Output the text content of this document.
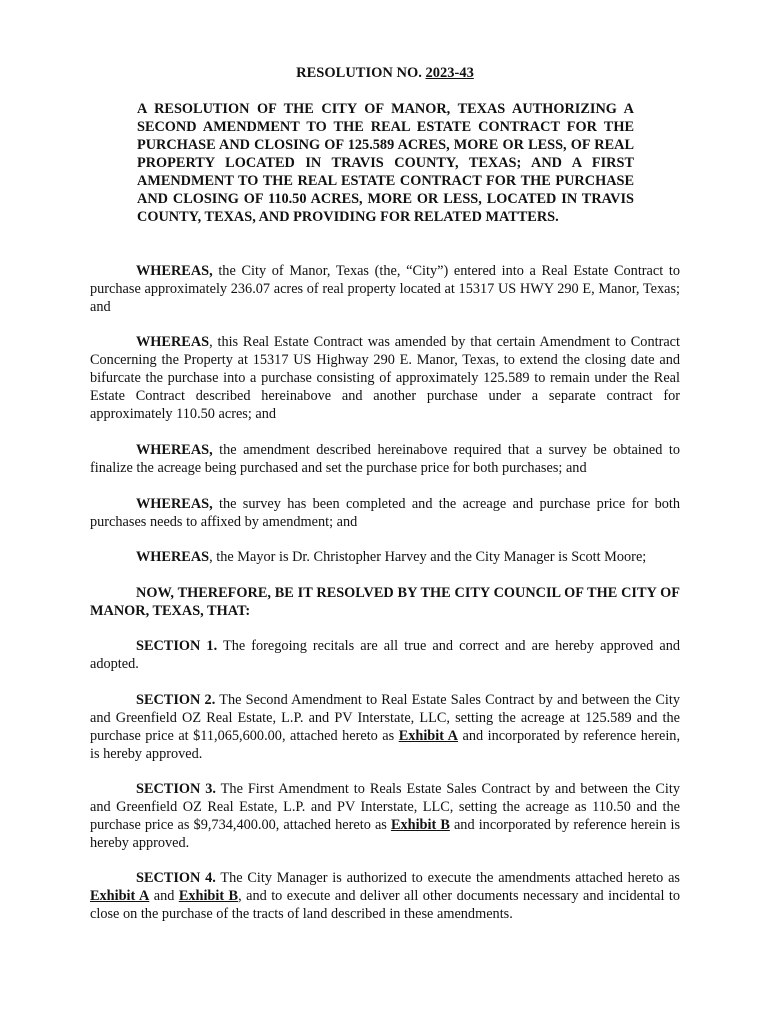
RESOLUTION NO. 2023-43
A RESOLUTION OF THE CITY OF MANOR, TEXAS AUTHORIZING A SECOND AMENDMENT TO THE REAL ESTATE CONTRACT FOR THE PURCHASE AND CLOSING OF 125.589 ACRES, MORE OR LESS, OF REAL PROPERTY LOCATED IN TRAVIS COUNTY, TEXAS; AND A FIRST AMENDMENT TO THE REAL ESTATE CONTRACT FOR THE PURCHASE AND CLOSING OF 110.50 ACRES, MORE OR LESS, LOCATED IN TRAVIS COUNTY, TEXAS, AND PROVIDING FOR RELATED MATTERS.

WHEREAS, the City of Manor, Texas (the, “City”) entered into a Real Estate Contract to purchase approximately 236.07 acres of real property located at 15317 US HWY 290 E, Manor, Texas; and

WHEREAS, this Real Estate Contract was amended by that certain Amendment to Contract Concerning the Property at 15317 US Highway 290 E. Manor, Texas, to extend the closing date and bifurcate the purchase into a purchase consisting of approximately 125.589 to remain under the Real Estate Contract described hereinabove and another purchase under a separate contract for approximately 110.50 acres; and

WHEREAS, the amendment described hereinabove required that a survey be obtained to finalize the acreage being purchased and set the purchase price for both purchases; and

WHEREAS, the survey has been completed and the acreage and purchase price for both purchases needs to affixed by amendment; and

WHEREAS, the Mayor is Dr. Christopher Harvey and the City Manager is Scott Moore;

NOW, THEREFORE, BE IT RESOLVED BY THE CITY COUNCIL OF THE CITY OF MANOR, TEXAS, THAT:

SECTION 1. The foregoing recitals are all true and correct and are hereby approved and adopted.

SECTION 2. The Second Amendment to Real Estate Sales Contract by and between the City and Greenfield OZ Real Estate, L.P. and PV Interstate, LLC, setting the acreage at 125.589 and the purchase price at $11,065,600.00, attached hereto as Exhibit A and incorporated by reference herein, is hereby approved.

SECTION 3. The First Amendment to Reals Estate Sales Contract by and between the City and Greenfield OZ Real Estate, L.P. and PV Interstate, LLC, setting the acreage as 110.50 and the purchase price as $9,734,400.00, attached hereto as Exhibit B and incorporated by reference herein is hereby approved.

SECTION 4. The City Manager is authorized to execute the amendments attached hereto as Exhibit A and Exhibit B, and to execute and deliver all other documents necessary and incidental to close on the purchase of the tracts of land described in these amendments.
